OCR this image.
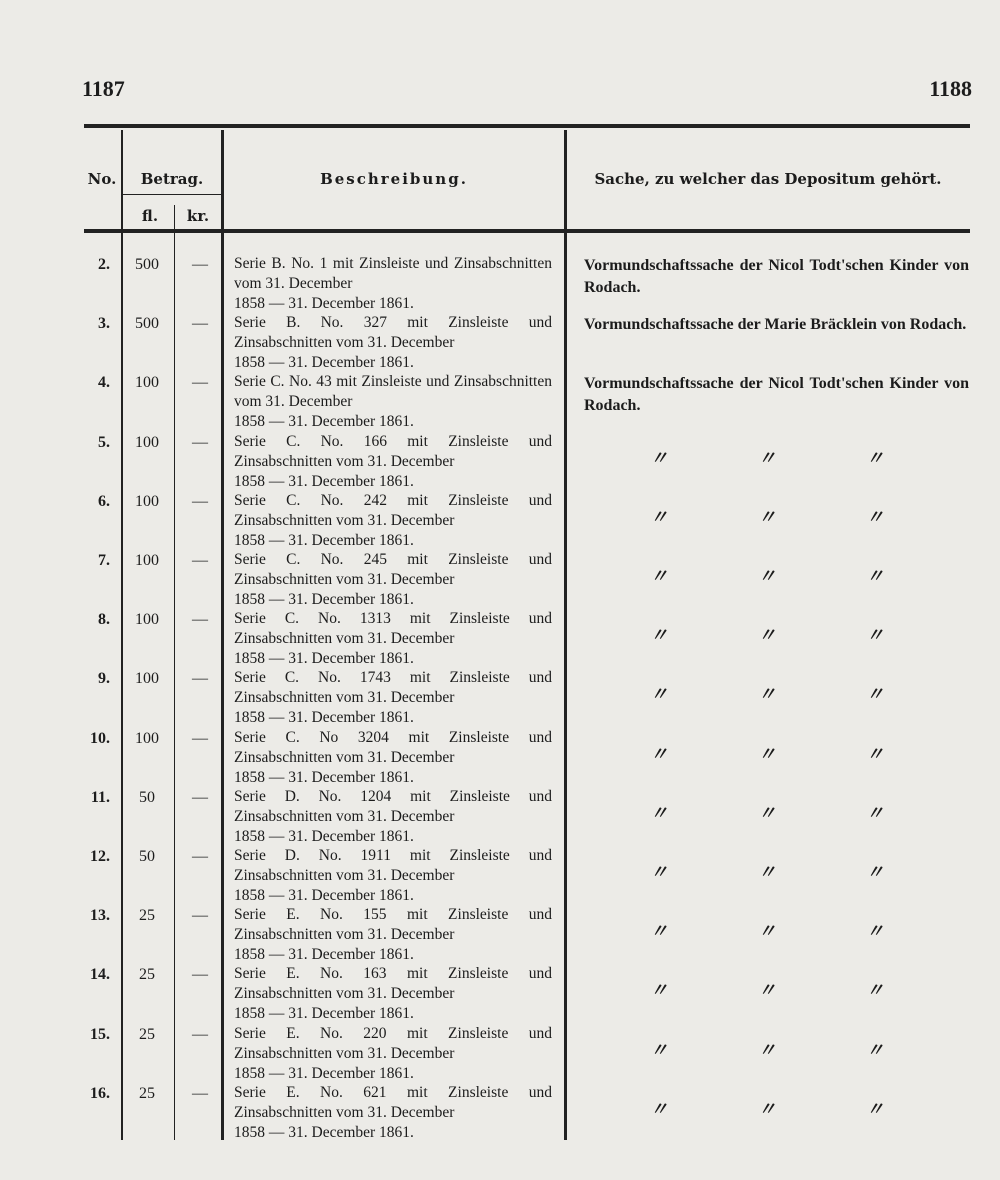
1187	1188
No.	Betrag.
fl.	kr.
Beschreibung.	Sache, zu welcher das Depositum gehört.
2.	500	—	Serie B. No. 1 mit Zinsleiste und Zinsabschnitten vom 31. December
1858 — 31. December 1861.
Vormundschaftssache der Nicol Todt'schen Kinder von Rodach.
3.	500	—	Serie B. No. 327 mit Zinsleiste und Zinsabschnitten vom 31. December
1858 — 31. December 1861.
Vormundschaftssache der Marie Bräcklein von Rodach.
4.	100	—	Serie C. No. 43 mit Zinsleiste und Zinsabschnitten vom 31. December
1858 — 31. December 1861.
Vormundschaftssache der Nicol Todt'schen Kinder von Rodach.
5.	100	—	Serie C. No. 166 mit Zinsleiste und Zinsabschnitten vom 31. December
1858 — 31. December 1861.
〃	〃	〃
6.	100	—	Serie C. No. 242 mit Zinsleiste und Zinsabschnitten vom 31. December
1858 — 31. December 1861.
〃	〃	〃
7.	100	—	Serie C. No. 245 mit Zinsleiste und Zinsabschnitten vom 31. December
1858 — 31. December 1861.
〃	〃	〃
8.	100	—	Serie C. No. 1313 mit Zinsleiste und Zinsabschnitten vom 31. December
1858 — 31. December 1861.
〃	〃	〃
9.	100	—	Serie C. No. 1743 mit Zinsleiste und Zinsabschnitten vom 31. December
1858 — 31. December 1861.
〃	〃	〃
10.	100	—	Serie C. No 3204 mit Zinsleiste und Zinsabschnitten vom 31. December
1858 — 31. December 1861.
〃	〃	〃
11.	50	—	Serie D. No. 1204 mit Zinsleiste und Zinsabschnitten vom 31. December
1858 — 31. December 1861.
〃	〃	〃
12.	50	—	Serie D. No. 1911 mit Zinsleiste und Zinsabschnitten vom 31. December
1858 — 31. December 1861.
〃	〃	〃
13.	25	—	Serie E. No. 155 mit Zinsleiste und Zinsabschnitten vom 31. December
1858 — 31. December 1861.
〃	〃	〃
14.	25	—	Serie E. No. 163 mit Zinsleiste und Zinsabschnitten vom 31. December
1858 — 31. December 1861.
〃	〃	〃
15.	25	—	Serie E. No. 220 mit Zinsleiste und Zinsabschnitten vom 31. December
1858 — 31. December 1861.
〃	〃	〃
16.	25	—	Serie E. No. 621 mit Zinsleiste und Zinsabschnitten vom 31. December
1858 — 31. December 1861.
〃	〃	〃
